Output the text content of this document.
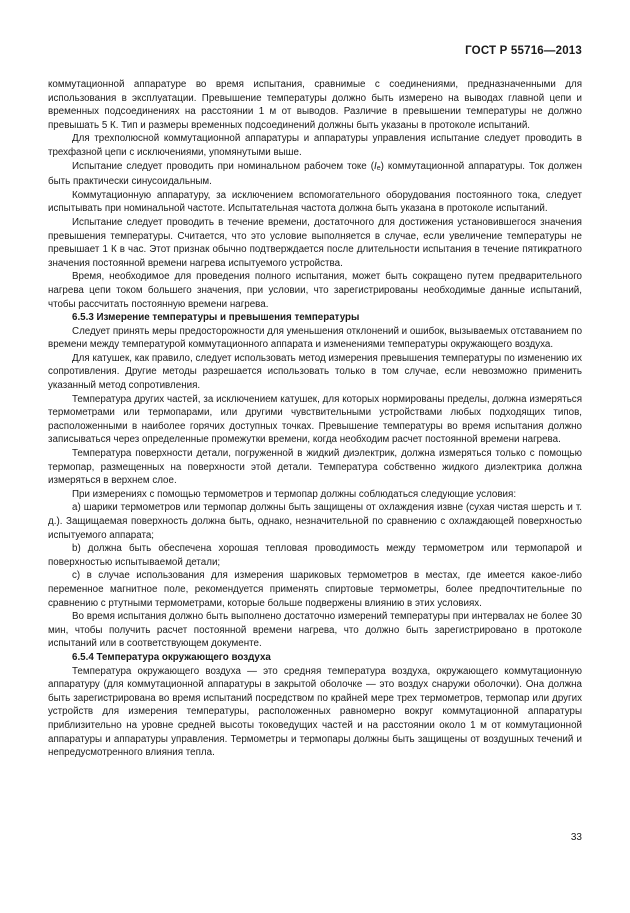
ГОСТ Р 55716—2013

коммутационной аппаратуре во время испытания, сравнимые с соединениями, предназначенными для использования в эксплуатации. Превышение температуры должно быть измерено на выводах главной цепи и временных подсоединениях на расстоянии 1 м от выводов. Различие в превышении температуры не должно превышать 5 К. Тип и размеры временных подсоединений должны быть указаны в протоколе испытаний.

Для трехполюсной коммутационной аппаратуры и аппаратуры управления испытание следует проводить в трехфазной цепи с исключениями, упомянутыми выше.

Испытание следует проводить при номинальном рабочем токе (Ie) коммутационной аппаратуры. Ток должен быть практически синусоидальным.

Коммутационную аппаратуру, за исключением вспомогательного оборудования постоянного тока, следует испытывать при номинальной частоте. Испытательная частота должна быть указана в протоколе испытаний.

Испытание следует проводить в течение времени, достаточного для достижения установившегося значения превышения температуры. Считается, что это условие выполняется в случае, если увеличение температуры не превышает 1 К в час. Этот признак обычно подтверждается после длительности испытания в течение пятикратного значения постоянной времени нагрева испытуемого устройства.

Время, необходимое для проведения полного испытания, может быть сокращено путем предварительного нагрева цепи током большего значения, при условии, что зарегистрированы необходимые данные испытаний, чтобы рассчитать постоянную времени нагрева.

6.5.3 Измерение температуры и превышения температуры

Следует принять меры предосторожности для уменьшения отклонений и ошибок, вызываемых отставанием по времени между температурой коммутационного аппарата и изменениями температуры окружающего воздуха.

Для катушек, как правило, следует использовать метод измерения превышения температуры по изменению их сопротивления. Другие методы разрешается использовать только в том случае, если невозможно применить указанный метод сопротивления.

Температура других частей, за исключением катушек, для которых нормированы пределы, должна измеряться термометрами или термопарами, или другими чувствительными устройствами любых подходящих типов, расположенными в наиболее горячих доступных точках. Превышение температуры во время испытания должно записываться через определенные промежутки времени, когда необходим расчет постоянной времени нагрева.

Температура поверхности детали, погруженной в жидкий диэлектрик, должна измеряться только с помощью термопар, размещенных на поверхности этой детали. Температура собственно жидкого диэлектрика должна измеряться в верхнем слое.

При измерениях с помощью термометров и термопар должны соблюдаться следующие условия:

a) шарики термометров или термопар должны быть защищены от охлаждения извне (сухая чистая шерсть и т. д.). Защищаемая поверхность должна быть, однако, незначительной по сравнению с охлаждающей поверхностью испытуемого аппарата;

b) должна быть обеспечена хорошая тепловая проводимость между термометром или термопарой и поверхностью испытываемой детали;

c) в случае использования для измерения шариковых термометров в местах, где имеется какое-либо переменное магнитное поле, рекомендуется применять спиртовые термометры, более предпочтительные по сравнению с ртутными термометрами, которые больше подвержены влиянию в этих условиях.

Во время испытания должно быть выполнено достаточно измерений температуры при интервалах не более 30 мин, чтобы получить расчет постоянной времени нагрева, что должно быть зарегистрировано в протоколе испытаний или в соответствующем документе.

6.5.4 Температура окружающего воздуха

Температура окружающего воздуха — это средняя температура воздуха, окружающего коммутационную аппаратуру (для коммутационной аппаратуры в закрытой оболочке — это воздух снаружи оболочки). Она должна быть зарегистрирована во время испытаний посредством по крайней мере трех термометров, термопар или других устройств для измерения температуры, расположенных равномерно вокруг коммутационной аппаратуры приблизительно на уровне средней высоты токоведущих частей и на расстоянии около 1 м от коммутационной аппаратуры и аппаратуры управления. Термометры и термопары должны быть защищены от воздушных течений и непредусмотренного влияния тепла.

33
